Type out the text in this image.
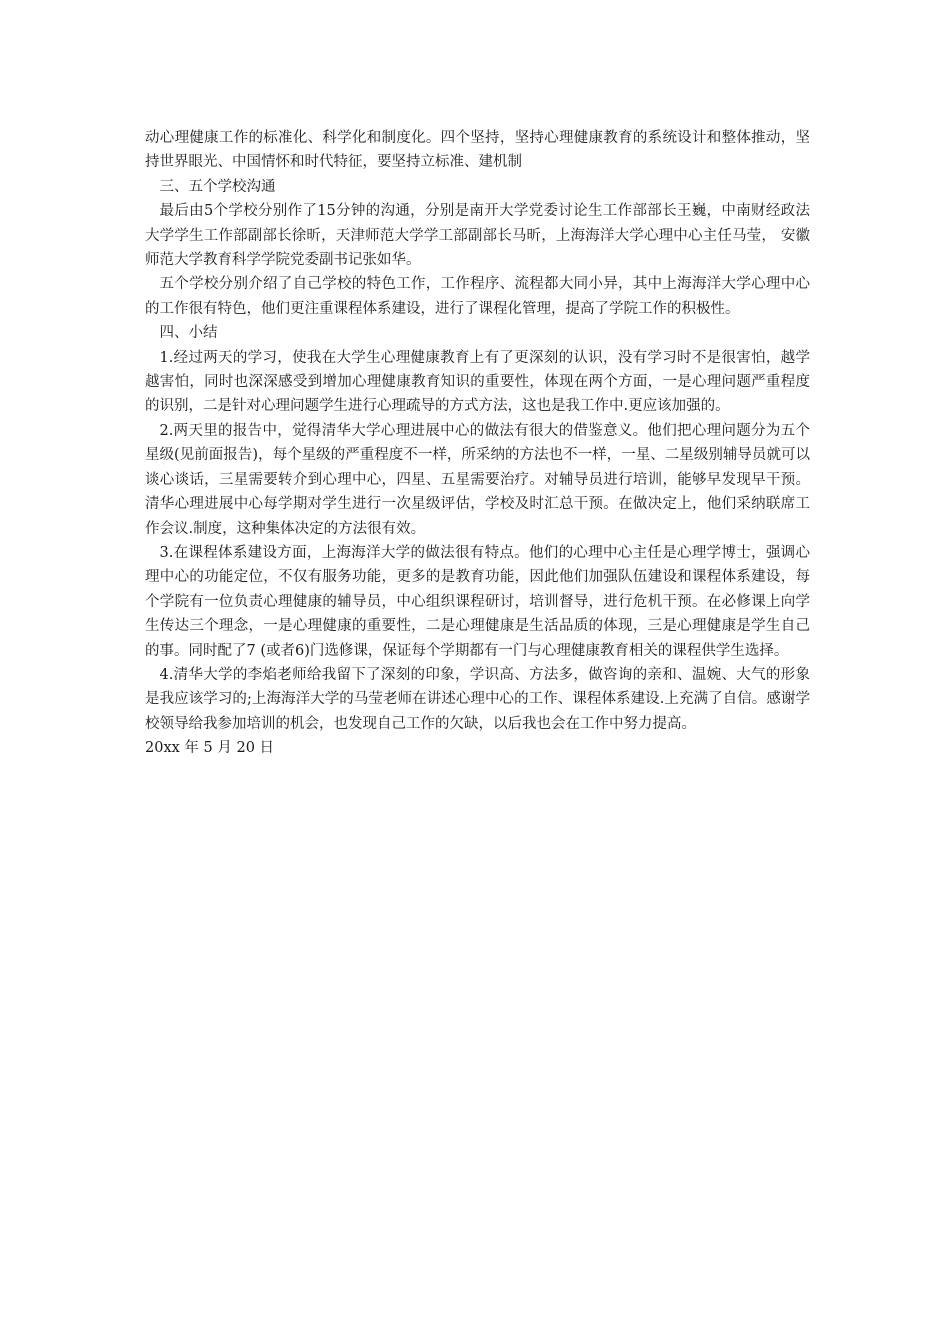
动心理健康工作的标准化、科学化和制度化。四个坚持，坚持心理健康教育的系统设计和整体推动，坚持世界眼光、中国情怀和时代特征，要坚持立标准、建机制

三、五个学校沟通

最后由5个学校分别作了15分钟的沟通，分别是南开大学党委讨论生工作部部长王巍，中南财经政法大学学生工作部副部长徐昕，天津师范大学学工部副部长马昕，上海海洋大学心理中心主任马莹， 安徽师范大学教育科学学院党委副书记张如华。

五个学校分别介绍了自己学校的特色工作，工作程序、流程都大同小异，其中上海海洋大学心理中心的工作很有特色，他们更注重课程体系建设，进行了课程化管理，提高了学院工作的积极性。

四、小结

1.经过两天的学习，使我在大学生心理健康教育上有了更深刻的认识，没有学习时不是很害怕，越学越害怕，同时也深深感受到增加心理健康教育知识的重要性，体现在两个方面，一是心理问题严重程度的识别，二是针对心理问题学生进行心理疏导的方式方法，这也是我工作中.更应该加强的。

2.两天里的报告中，觉得清华大学心理进展中心的做法有很大的借鉴意义。他们把心理问题分为五个星级(见前面报告)，每个星级的严重程度不一样，所采纳的方法也不一样，一星、二星级别辅导员就可以谈心谈话，三星需要转介到心理中心，四星、五星需要治疗。对辅导员进行培训，能够早发现早干预。清华心理进展中心每学期对学生进行一次星级评估，学校及时汇总干预。在做决定上，他们采纳联席工作会议.制度，这种集体决定的方法很有效。

3.在课程体系建设方面，上海海洋大学的做法很有特点。他们的心理中心主任是心理学博士，强调心理中心的功能定位，不仅有服务功能，更多的是教育功能，因此他们加强队伍建设和课程体系建设，每个学院有一位负责心理健康的辅导员，中心组织课程研讨，培训督导，进行危机干预。在必修课上向学生传达三个理念，一是心理健康的重要性，二是心理健康是生活品质的体现，三是心理健康是学生自己的事。同时配了7 (或者6)门选修课，保证每个学期都有一门与心理健康教育相关的课程供学生选择。

4.清华大学的李焰老师给我留下了深刻的印象，学识高、方法多，做咨询的亲和、温婉、大气的形象是我应该学习的;上海海洋大学的马莹老师在讲述心理中心的工作、课程体系建设.上充满了自信。感谢学校领导给我参加培训的机会，也发现自己工作的欠缺，以后我也会在工作中努力提高。

20xx 年 5 月 20 日
